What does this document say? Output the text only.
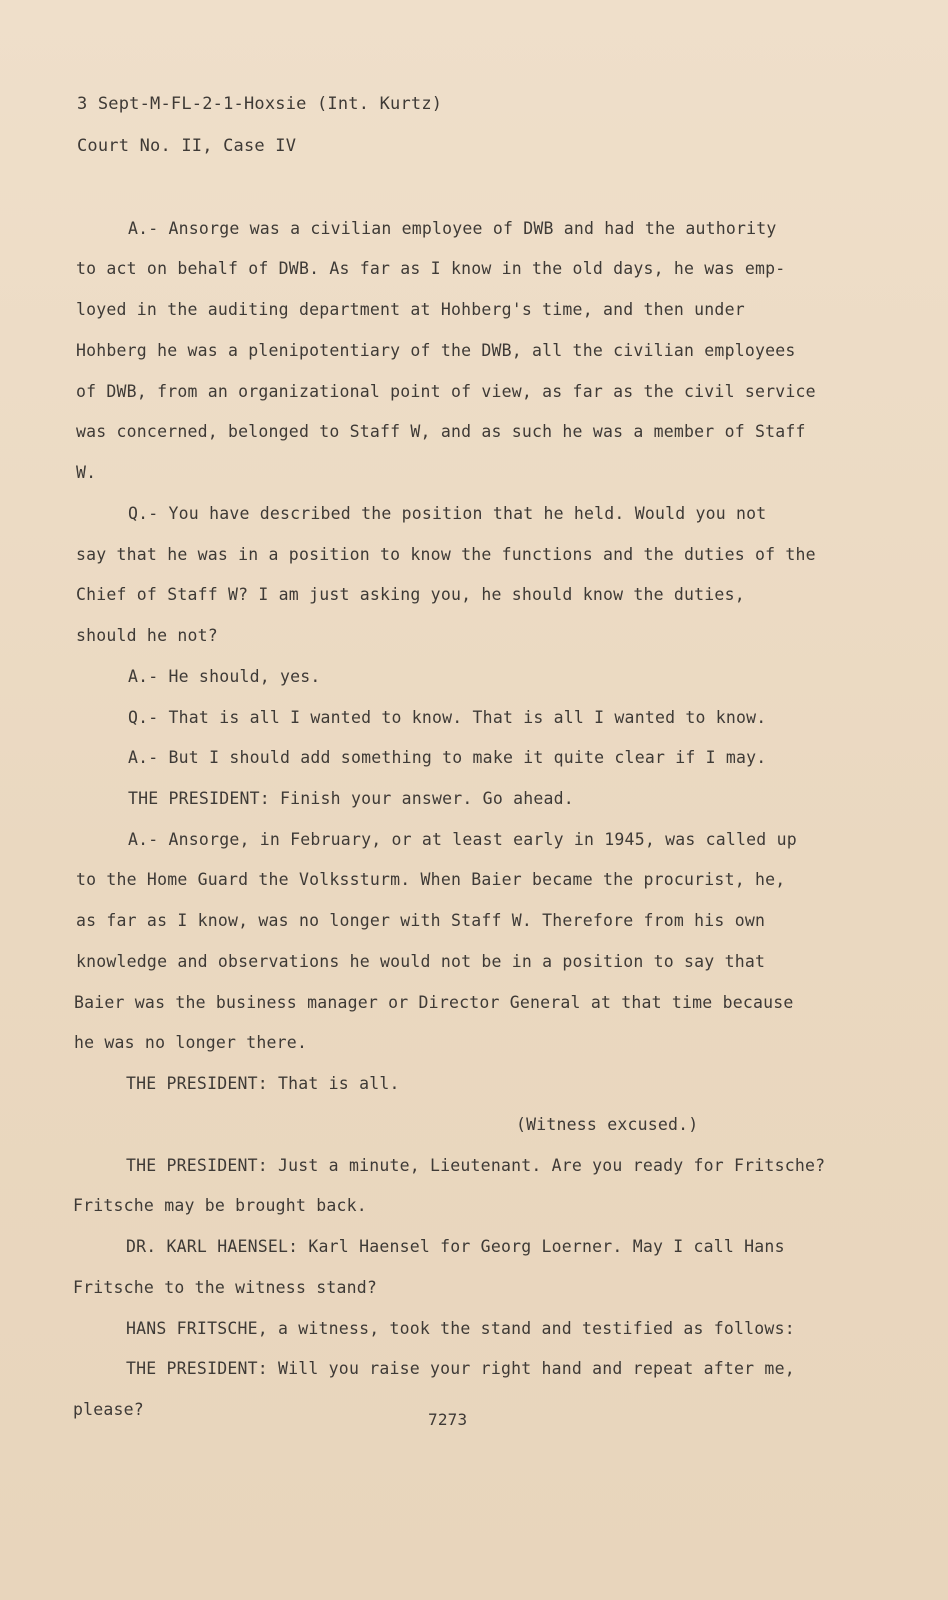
3 Sept-M-FL-2-1-Hoxsie (Int. Kurtz)
Court No. II, Case IV
A.- Ansorge was a civilian employee of DWB and had the authority
to act on behalf of DWB. As far as I know in the old days, he was emp-
loyed in the auditing department at Hohberg's time, and then under
Hohberg he was a plenipotentiary of the DWB, all the civilian employees
of DWB, from an organizational point of view, as far as the civil service
was concerned, belonged to Staff W, and as such he was a member of Staff
W.
Q.- You have described the position that he held. Would you not
say that he was in a position to know the functions and the duties of the
Chief of Staff W? I am just asking you, he should know the duties,
should he not?
A.- He should, yes.
Q.- That is all I wanted to know. That is all I wanted to know.
A.- But I should add something to make it quite clear if I may.
THE PRESIDENT: Finish your answer. Go ahead.
A.- Ansorge, in February, or at least early in 1945, was called up
to the Home Guard the Volkssturm. When Baier became the procurist, he,
as far as I know, was no longer with Staff W. Therefore from his own
knowledge and observations he would not be in a position to say that
Baier was the business manager or Director General at that time because
he was no longer there.
THE PRESIDENT: That is all.
(Witness excused.)
THE PRESIDENT: Just a minute, Lieutenant. Are you ready for Fritsche?
Fritsche may be brought back.
DR. KARL HAENSEL: Karl Haensel for Georg Loerner. May I call Hans
Fritsche to the witness stand?
HANS FRITSCHE, a witness, took the stand and testified as follows:
THE PRESIDENT: Will you raise your right hand and repeat after me,
please?
7273
